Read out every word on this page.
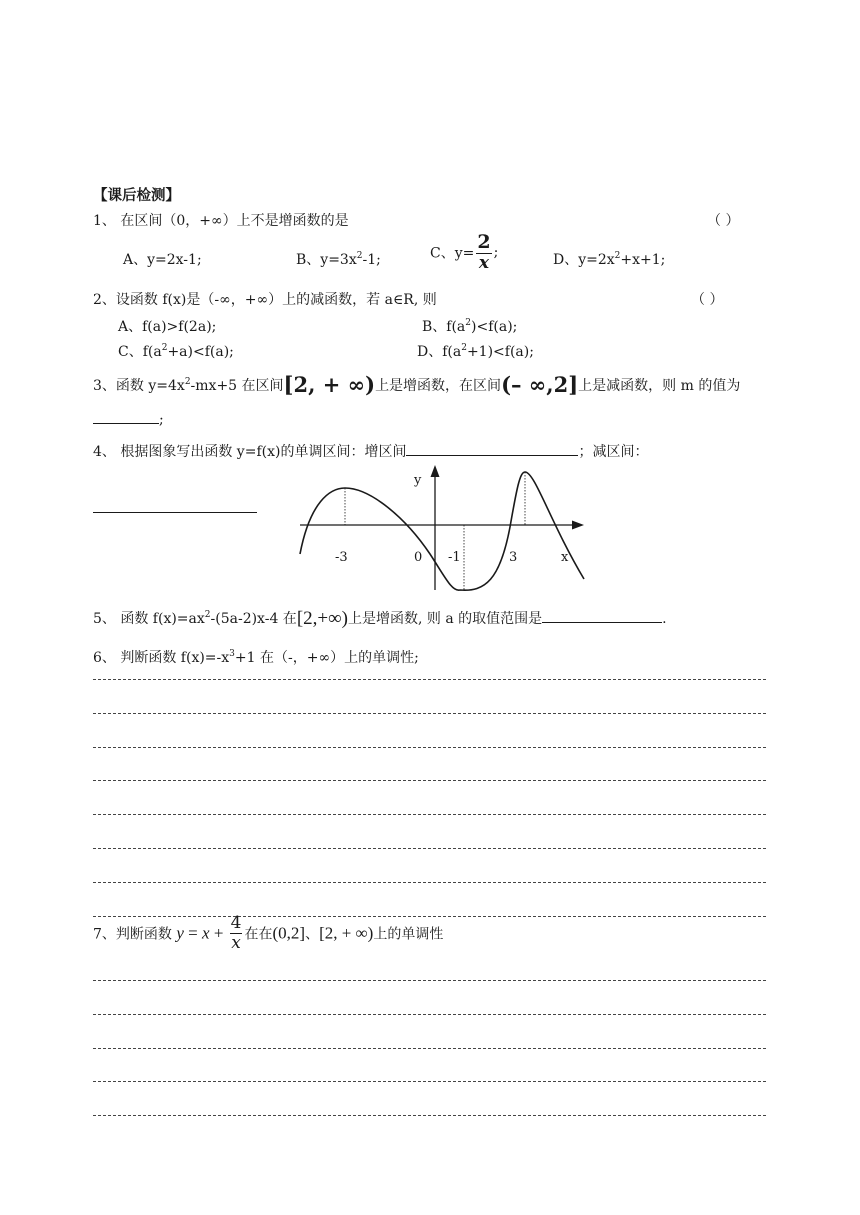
【课后检测】
1、 在区间（0，+∞）上不是增函数的是	（ ）
A、y=2x-1;	B、$y=3x^2-1$;	C、$y= \frac{2}{x}$ ;	D、$y=2x^2+x+1$;
2、设函数 f(x)是（-∞，+∞）上的减函数，若 a∈R, 则	（ ）
A、f(a)>f(2a);	B、$f(a^2)<f(a)$;
C、$f(a^2+a)<f(a)$;	D、$f(a^2+1)<f(a)$;
3、函数 $y=4x^2-mx+5$ 在区间[2, + ∞)上是增函数，在区间(– ∞,2]上是减函数，则 m 的值为
;
4、 根据图象写出函数 y=f(x)的单调区间：增区间	；减区间：
y
x
-3	0 -1	3
5、 函数 $f(x)=ax^2-(5a-2)x-4$ 在[2,+∞)上是增函数, 则 a 的取值范围是	.
6、 判断函数 $f(x)=-x^3+1$ 在（-，+∞）上的单调性;
7、判断函数 $y = x + \frac{4}{x}$ 在在(0,2]、[2, + ∞)上的单调性
